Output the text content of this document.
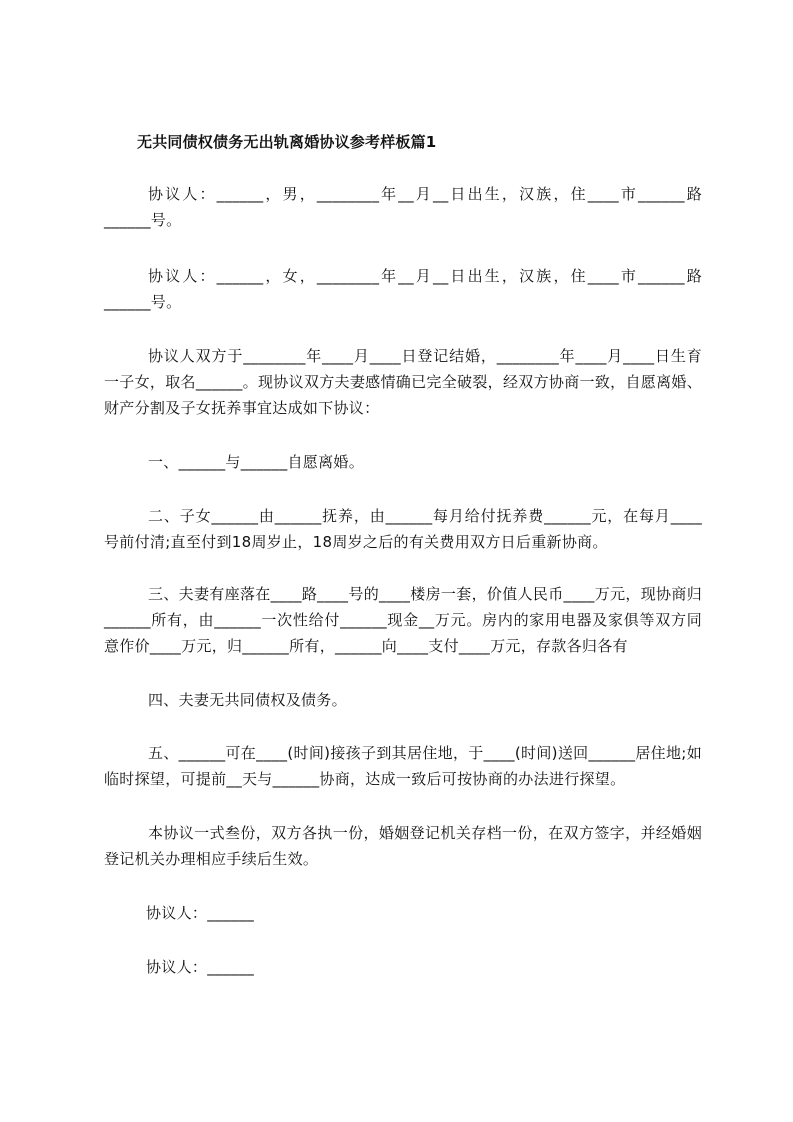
无共同债权债务无出轨离婚协议参考样板篇1
协议人：______，男，________年__月__日出生，汉族，住____市______路______号。
协议人：______，女，________年__月__日出生，汉族，住____市______路______号。
协议人双方于________年____月____日登记结婚，________年____月____日生育一子女，取名______。现协议双方夫妻感情确已完全破裂，经双方协商一致，自愿离婚、财产分割及子女抚养事宜达成如下协议：
一、______与______自愿离婚。
二、子女______由______抚养，由______每月给付抚养费______元，在每月____号前付清;直至付到18周岁止，18周岁之后的有关费用双方日后重新协商。
三、夫妻有座落在____路____号的____楼房一套，价值人民币____万元，现协商归______所有，由______一次性给付______现金__万元。房内的家用电器及家俱等双方同意作价____万元，归______所有，______向____支付____万元，存款各归各有
四、夫妻无共同债权及债务。
五、______可在____(时间)接孩子到其居住地，于____(时间)送回______居住地;如临时探望，可提前__天与______协商，达成一致后可按协商的办法进行探望。
本协议一式叁份，双方各执一份，婚姻登记机关存档一份，在双方签字，并经婚姻登记机关办理相应手续后生效。
协议人：______
协议人：______
